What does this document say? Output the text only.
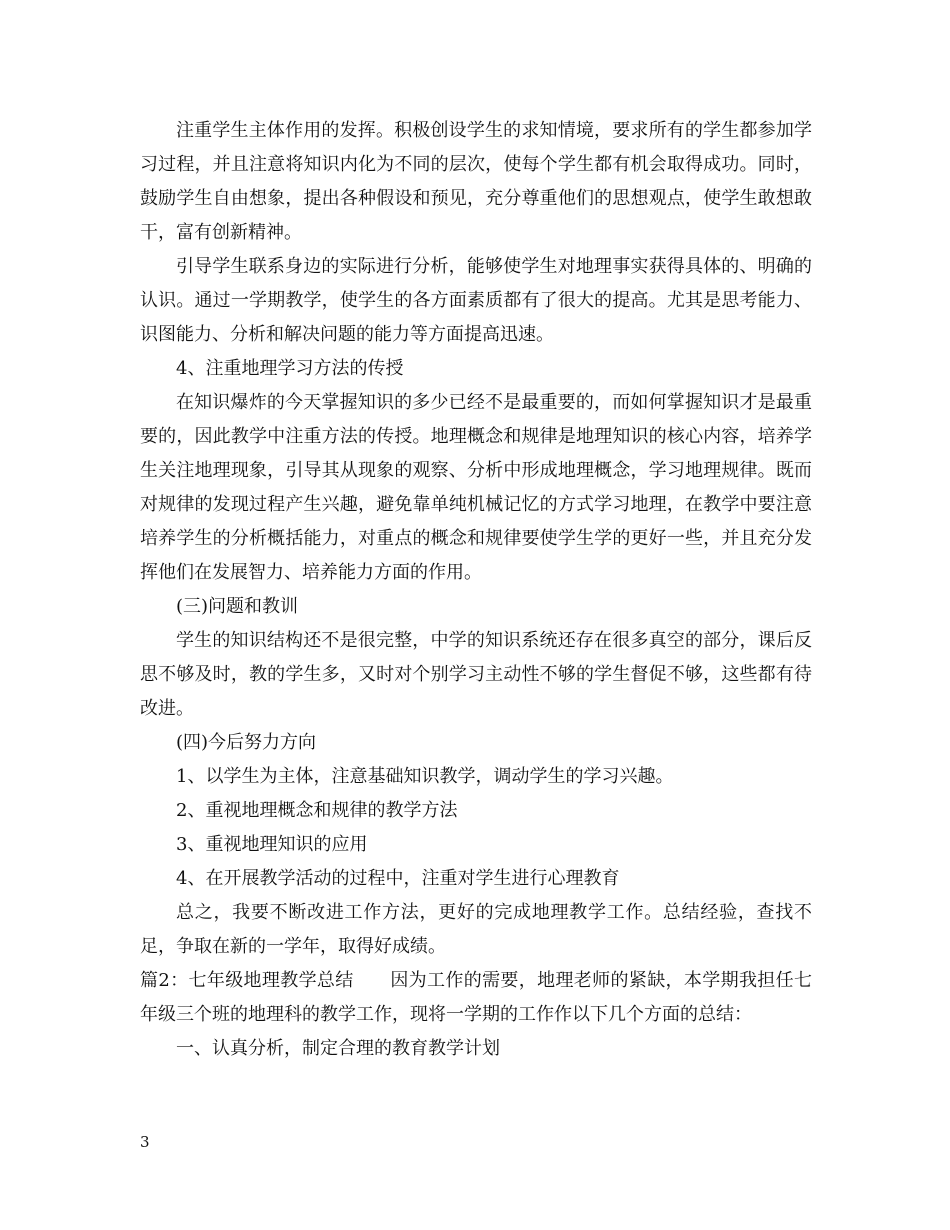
注重学生主体作用的发挥。积极创设学生的求知情境，要求所有的学生都参加学习过程，并且注意将知识内化为不同的层次，使每个学生都有机会取得成功。同时，鼓励学生自由想象，提出各种假设和预见，充分尊重他们的思想观点，使学生敢想敢干，富有创新精神。

引导学生联系身边的实际进行分析，能够使学生对地理事实获得具体的、明确的认识。通过一学期教学，使学生的各方面素质都有了很大的提高。尤其是思考能力、识图能力、分析和解决问题的能力等方面提高迅速。

4、注重地理学习方法的传授

在知识爆炸的今天掌握知识的多少已经不是最重要的，而如何掌握知识才是最重要的，因此教学中注重方法的传授。地理概念和规律是地理知识的核心内容，培养学生关注地理现象，引导其从现象的观察、分析中形成地理概念，学习地理规律。既而对规律的发现过程产生兴趣，避免靠单纯机械记忆的方式学习地理，在教学中要注意培养学生的分析概括能力，对重点的概念和规律要使学生学的更好一些，并且充分发挥他们在发展智力、培养能力方面的作用。

(三)问题和教训

学生的知识结构还不是很完整，中学的知识系统还存在很多真空的部分，课后反思不够及时，教的学生多，又时对个别学习主动性不够的学生督促不够，这些都有待改进。

(四)今后努力方向

1、以学生为主体，注意基础知识教学，调动学生的学习兴趣。

2、重视地理概念和规律的教学方法

3、重视地理知识的应用

4、在开展教学活动的过程中，注重对学生进行心理教育

总之，我要不断改进工作方法，更好的完成地理教学工作。总结经验，查找不足，争取在新的一学年，取得好成绩。

篇2：七年级地理教学总结　　因为工作的需要，地理老师的紧缺，本学期我担任七年级三个班的地理科的教学工作，现将一学期的工作作以下几个方面的总结：

一、认真分析，制定合理的教育教学计划

3
